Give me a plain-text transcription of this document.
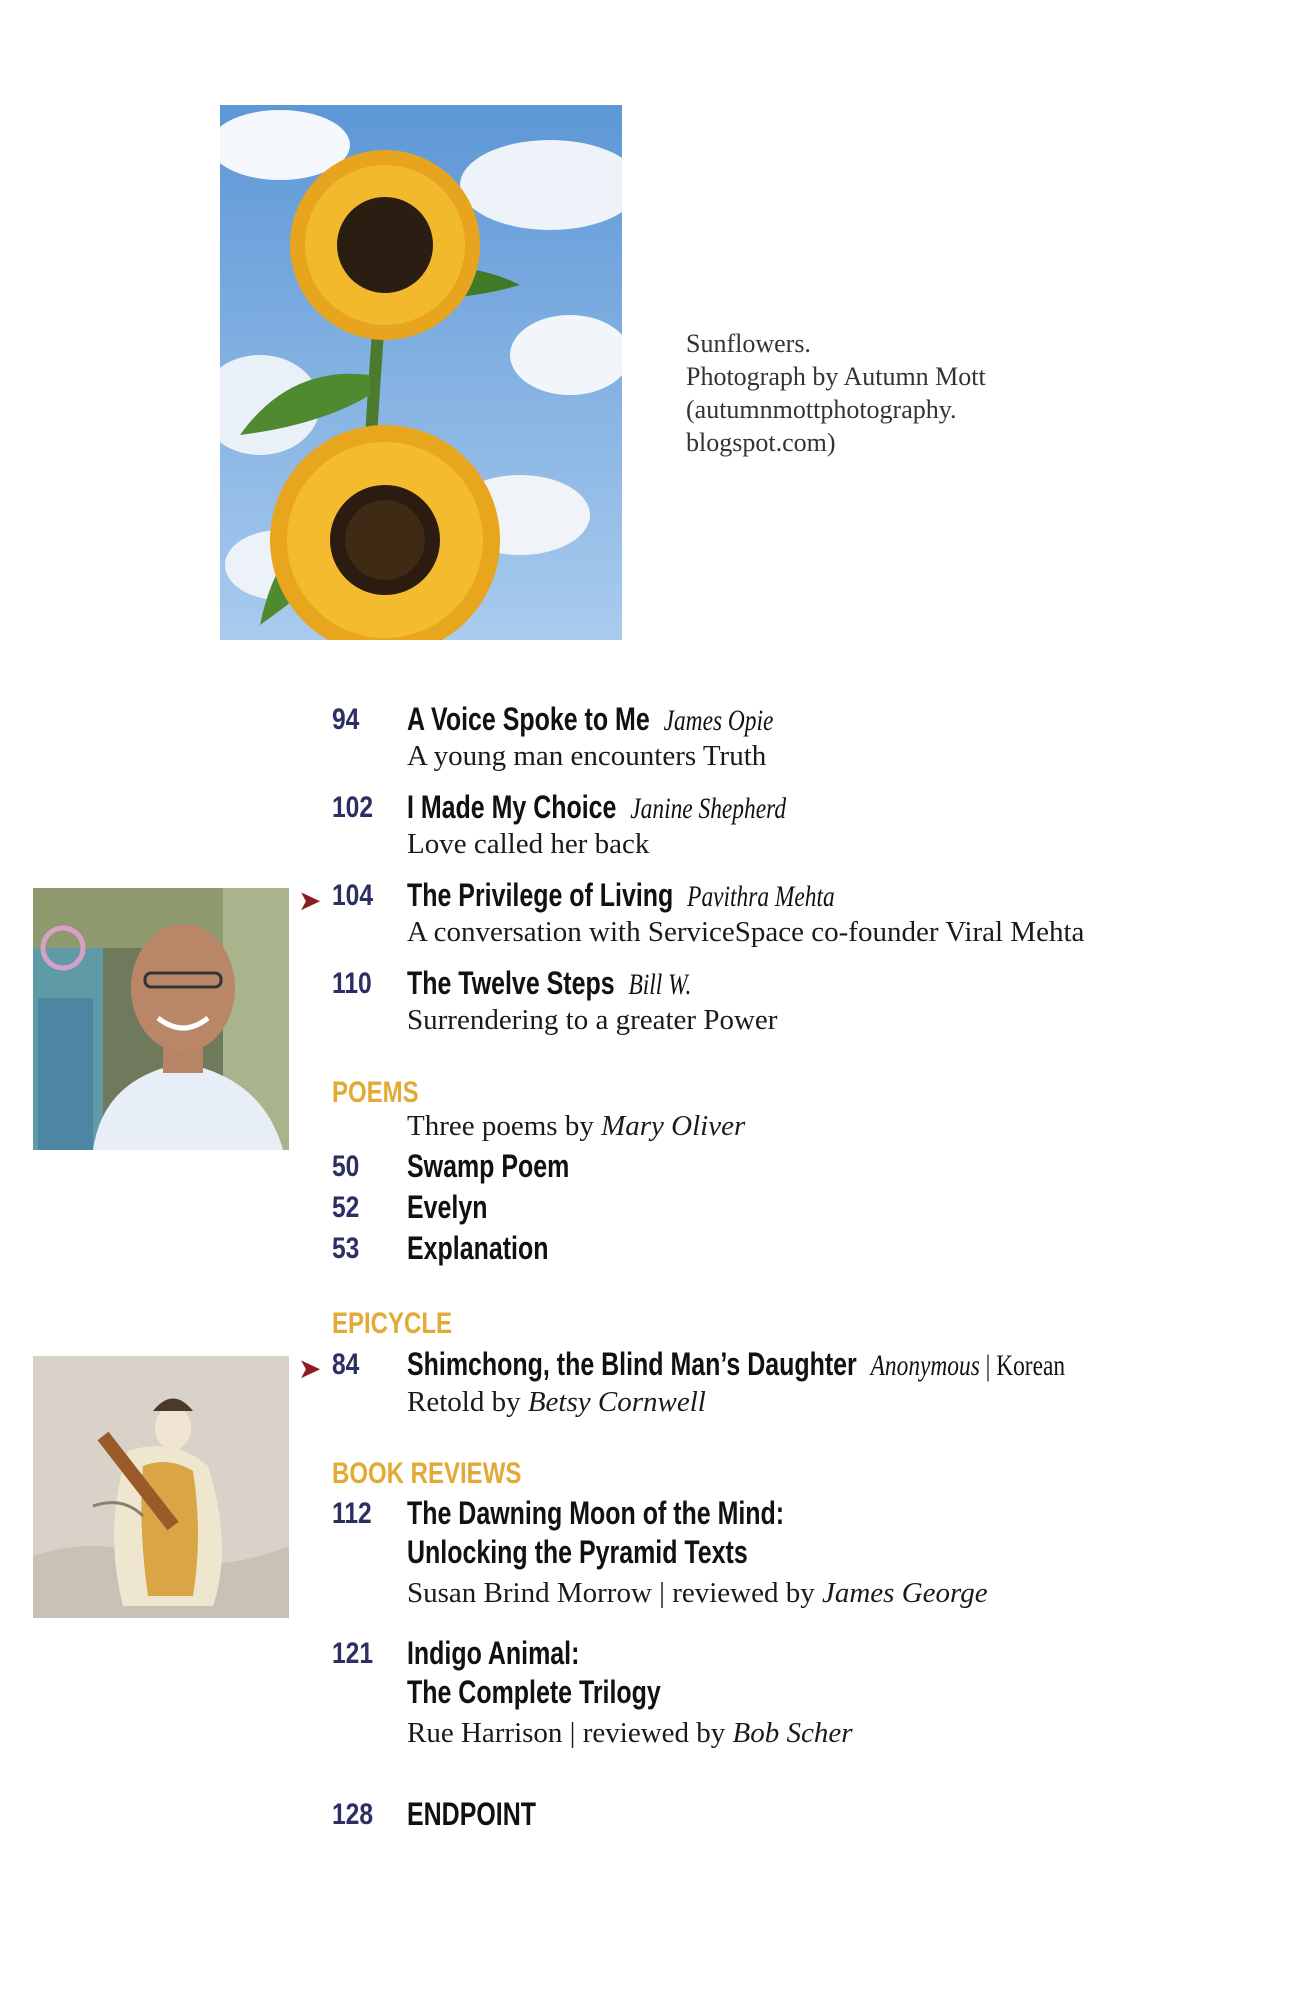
Sunflowers.
Photograph by Autumn Mott
(autumnmottphotography.
blogspot.com)
94	A Voice Spoke to Me James Opie
A young man encounters Truth
102	I Made My Choice Janine Shepherd
Love called her back
➤ 104	The Privilege of Living Pavithra Mehta
A conversation with ServiceSpace co-founder Viral Mehta
110	The Twelve Steps Bill W.
Surrendering to a greater Power
POEMS
Three poems by Mary Oliver
50	Swamp Poem
52	Evelyn
53	Explanation
EPICYCLE
➤ 84	Shimchong, the Blind Man’s Daughter Anonymous | Korean
Retold by Betsy Cornwell
BOOK REVIEWS
112	The Dawning Moon of the Mind:
Unlocking the Pyramid Texts
Susan Brind Morrow | reviewed by James George
121	Indigo Animal:
The Complete Trilogy
Rue Harrison | reviewed by Bob Scher
128	ENDPOINT
